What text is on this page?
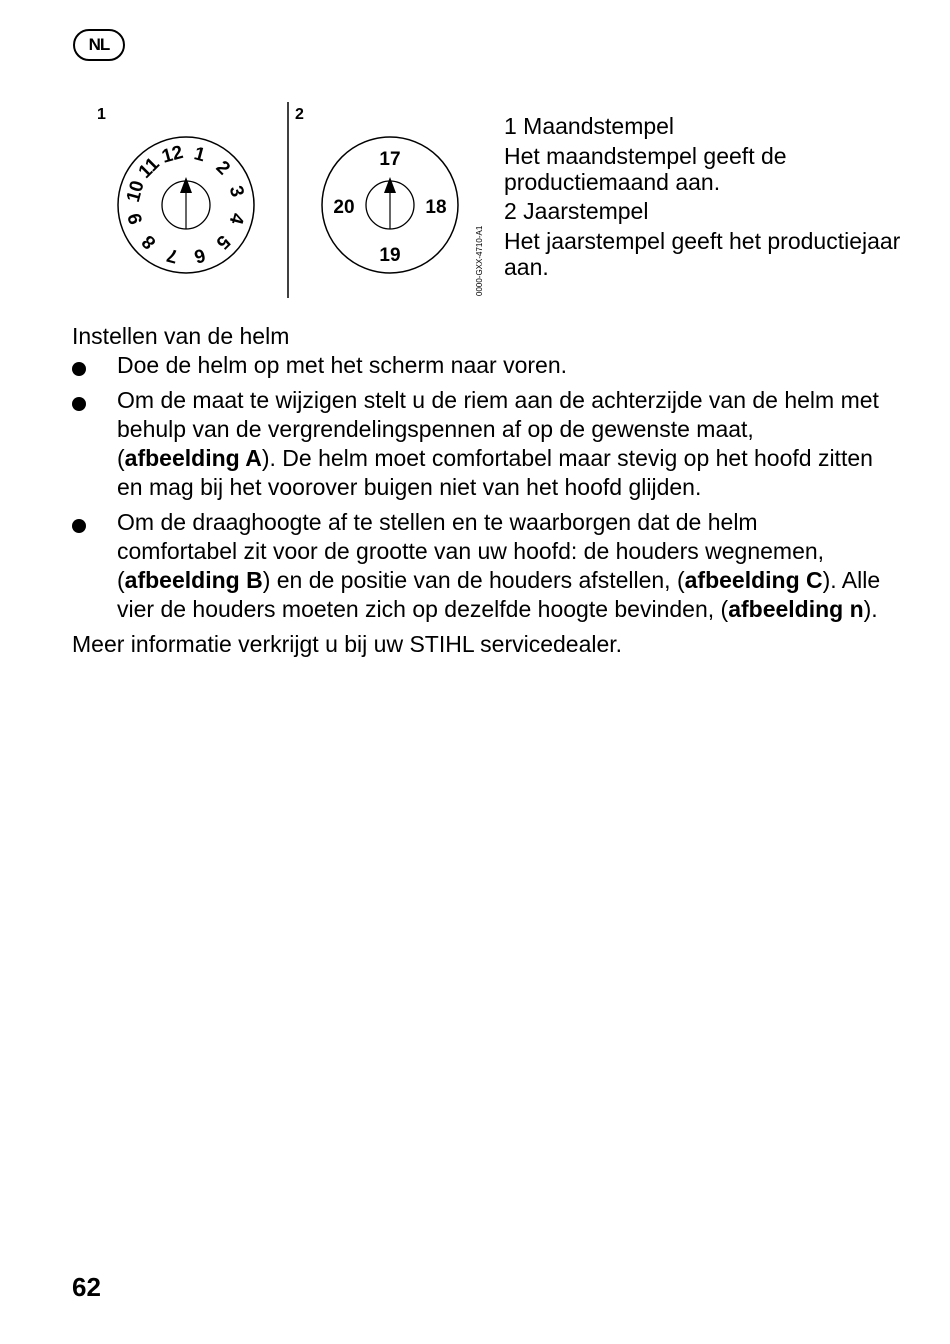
NL
1	2
1
2
3
4
5
6
7
8
9
10
11
12	17
18
19
20
0000-GXX-4710-A1

1 Maandstempel

Het maandstempel geeft de productiemaand aan.

2 Jaarstempel

Het jaarstempel geeft het productiejaar aan.

Instellen van de helm

Doe de helm op met het scherm naar voren.
Om de maat te wijzigen stelt u de riem aan de achterzijde van de helm met behulp van de vergrendelingspennen af op de gewenste maat, (afbeelding A). De helm moet comfortabel maar stevig op het hoofd zitten en mag bij het voorover buigen niet van het hoofd glijden.
Om de draaghoogte af te stellen en te waarborgen dat de helm comfortabel zit voor de grootte van uw hoofd: de houders wegnemen, (afbeelding B) en de positie van de houders afstellen, (afbeelding C). Alle vier de houders moeten zich op dezelfde hoogte bevinden, (afbeelding n).

Meer informatie verkrijgt u bij uw STIHL servicedealer.

62
